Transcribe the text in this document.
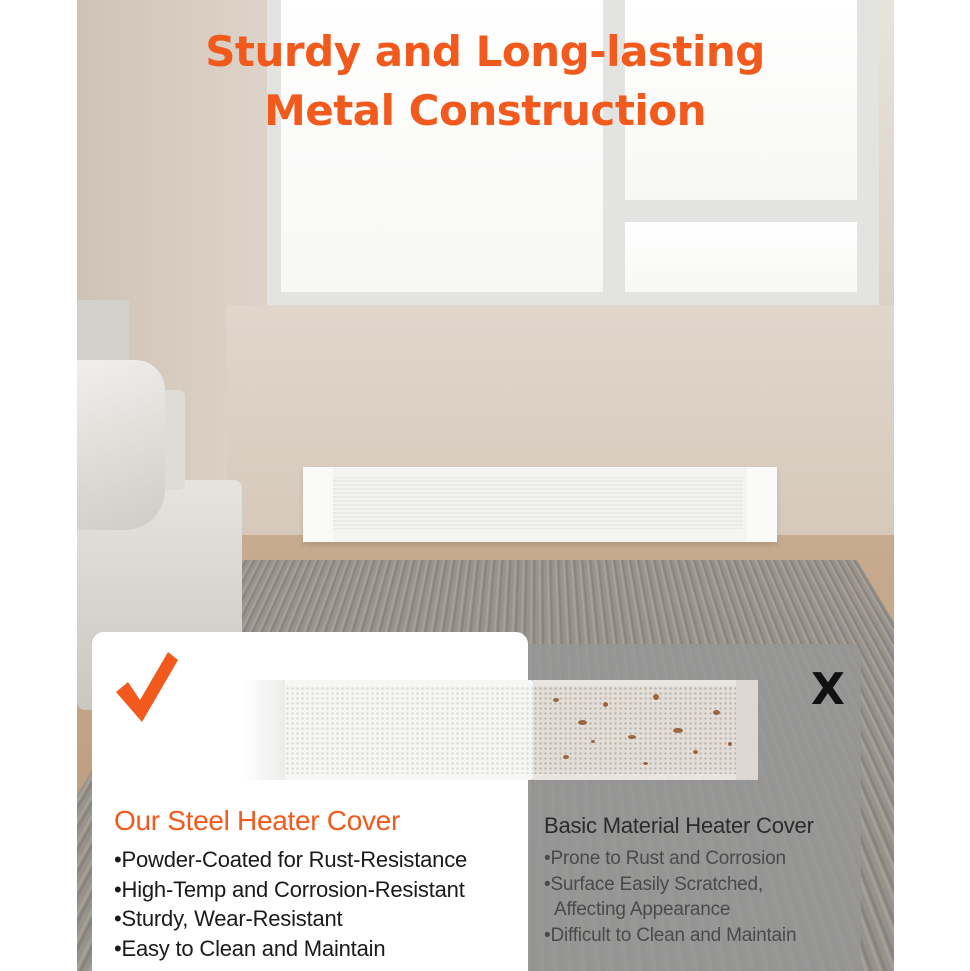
Sturdy and Long-lasting
Metal Construction
X
Our Steel Heater Cover
•Powder-Coated for Rust-Resistance
•High-Temp and Corrosion-Resistant
•Sturdy, Wear-Resistant
•Easy to Clean and Maintain
Basic Material Heater Cover
•Prone to Rust and Corrosion
•Surface Easily Scratched,
Affecting Appearance
•Difficult to Clean and Maintain
